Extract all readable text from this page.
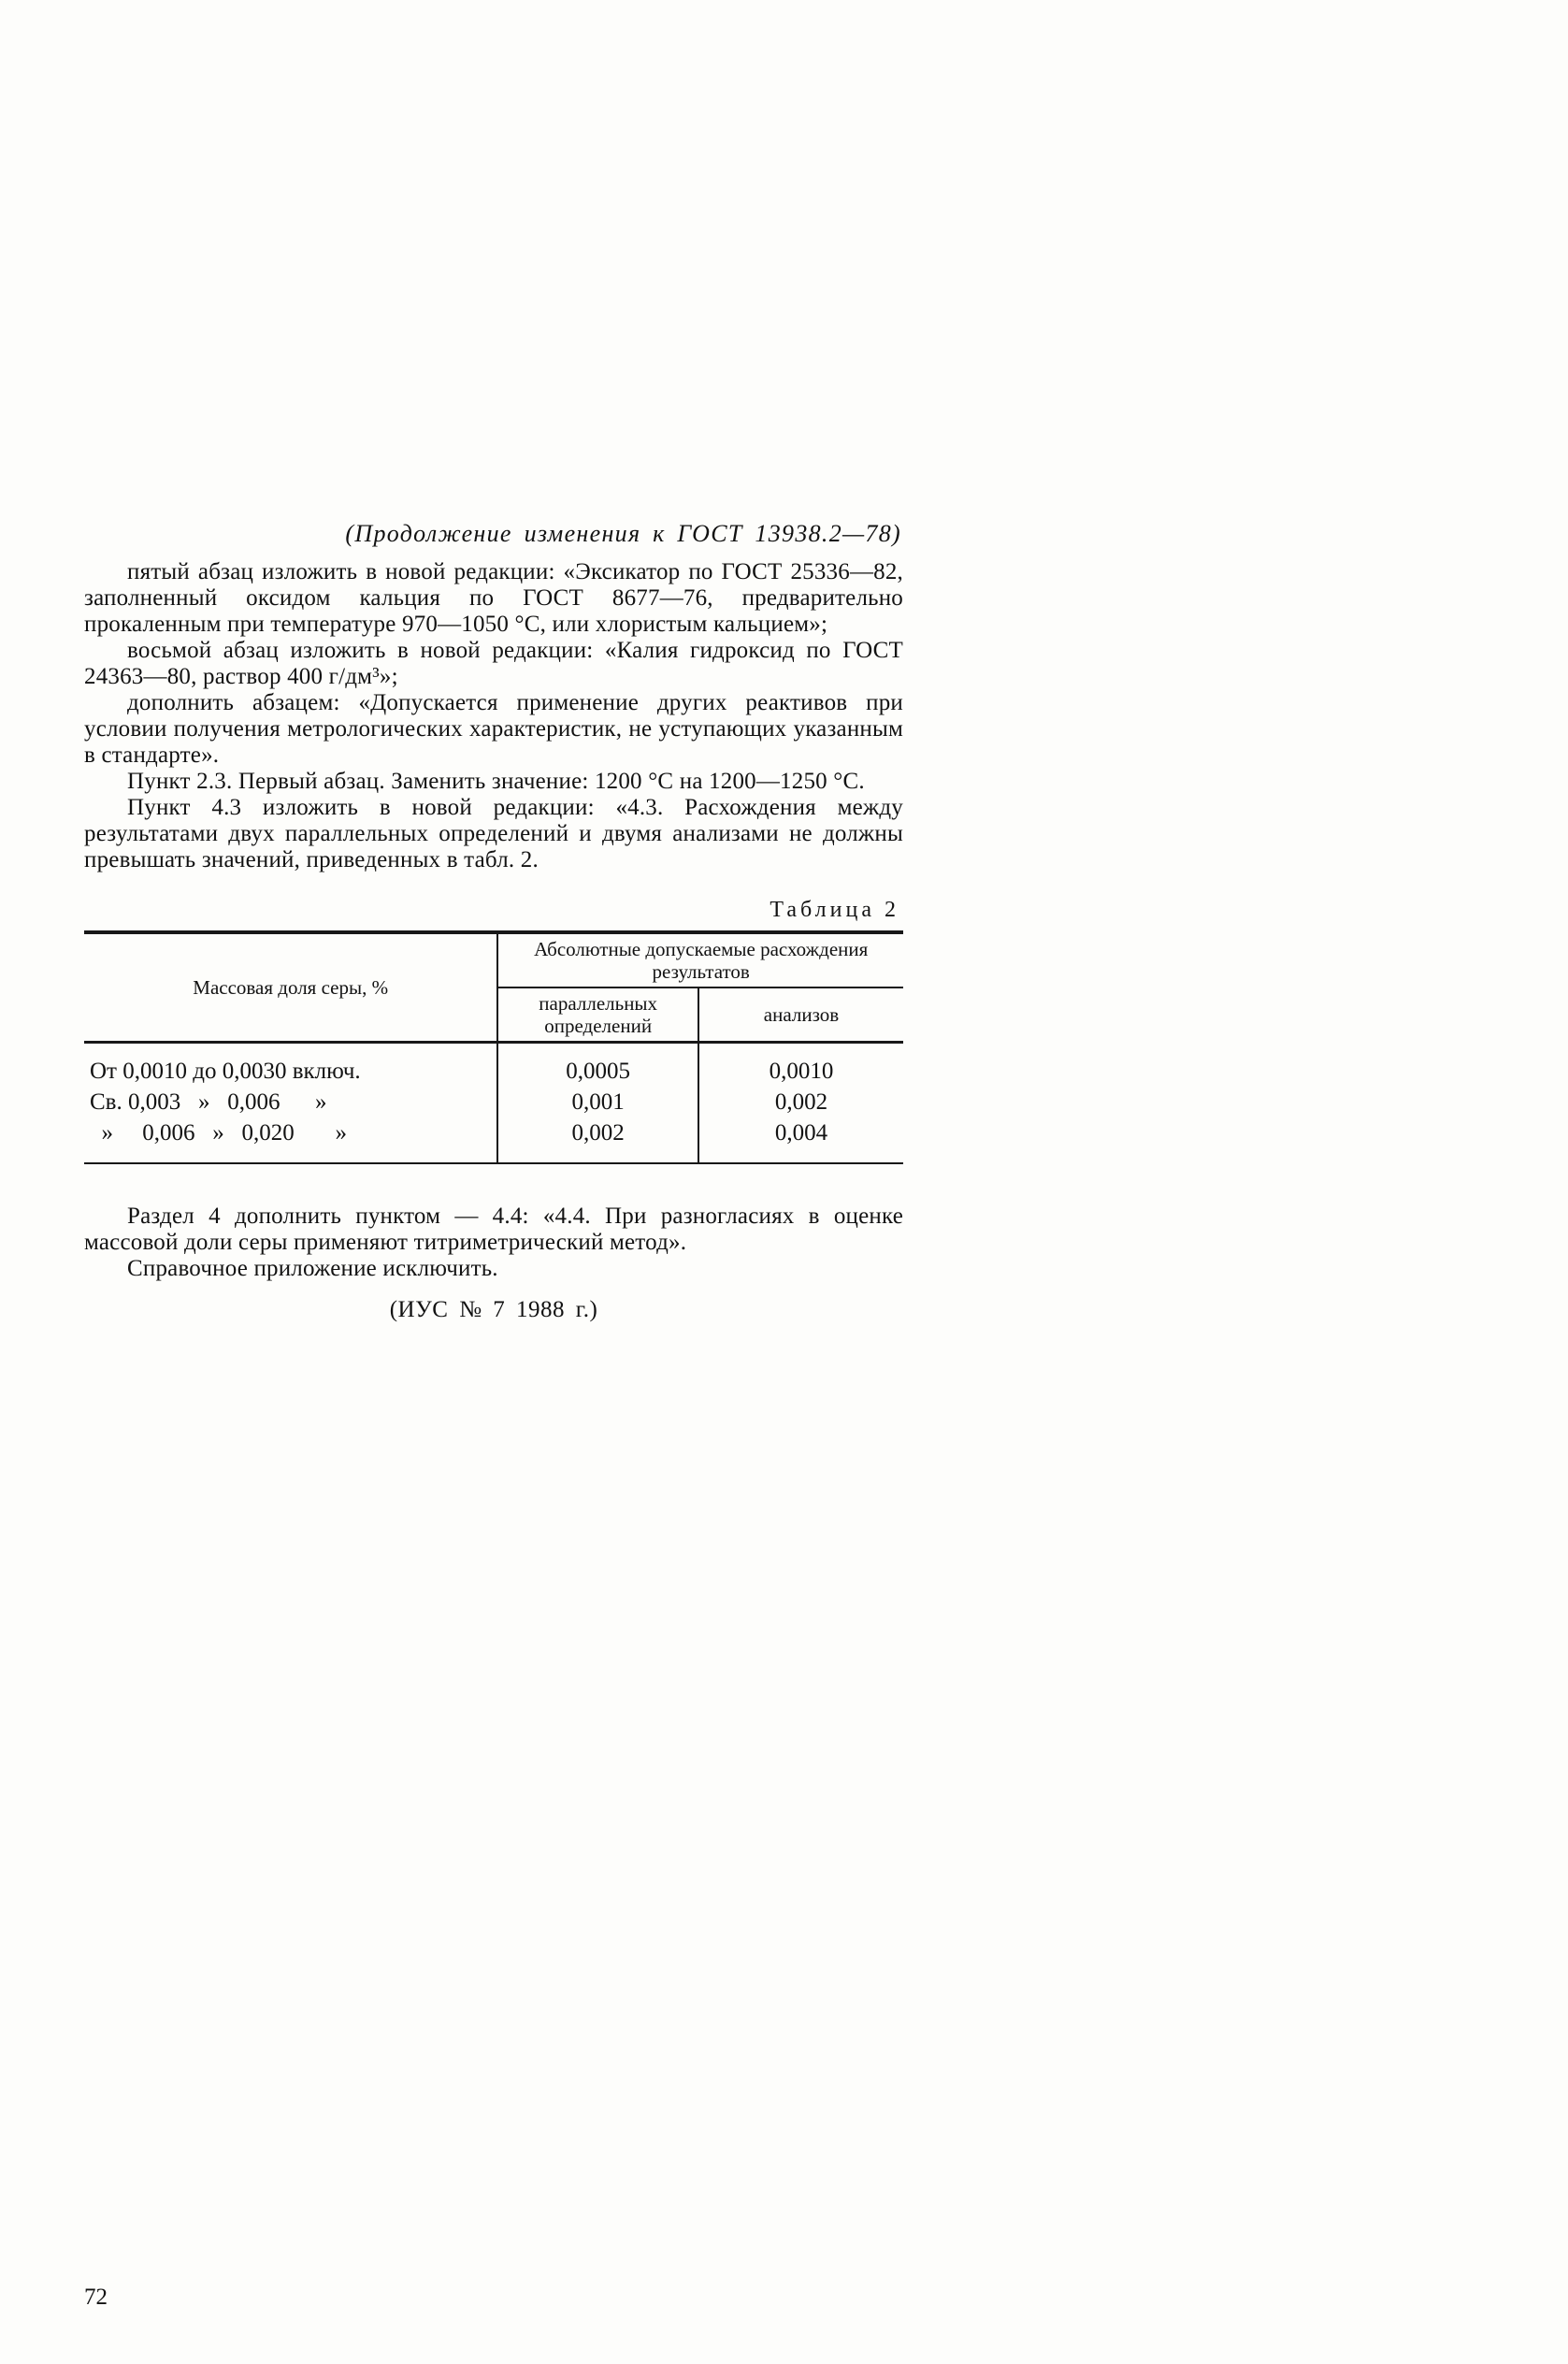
(Продолжение изменения к ГОСТ 13938.2—78)

пятый абзац изложить в новой редакции: «Эксикатор по ГОСТ 25336—82, заполненный оксидом кальция по ГОСТ 8677—76, предварительно прокаленным при температуре 970—1050 °С, или хлористым кальцием»;

восьмой абзац изложить в новой редакции: «Калия гидроксид по ГОСТ 24363—80, раствор 400 г/дм³»;

дополнить абзацем: «Допускается применение других реактивов при условии получения метрологических характеристик, не уступающих указанным в стандарте».

Пункт 2.3. Первый абзац. Заменить значение: 1200 °С на 1200—1250 °С.

Пункт 4.3 изложить в новой редакции: «4.3. Расхождения между результатами двух параллельных определений и двумя анализами не должны превышать значений, приведенных в табл. 2.

Таблица 2
Массовая доля серы, %	Абсолютные допускаемые расхождения результатов	
	параллельных определений	анализов
От 0,0010 до 0,0030 включ.	0,0005	0,0010
Св. 0,003   »   0,006      »	0,001	0,002
»     0,006   »   0,020       »	0,002	0,004

Раздел 4 дополнить пунктом — 4.4: «4.4. При разногласиях в оценке массовой доли серы применяют титриметрический метод».

Справочное приложение исключить.

(ИУС № 7 1988 г.)
72
